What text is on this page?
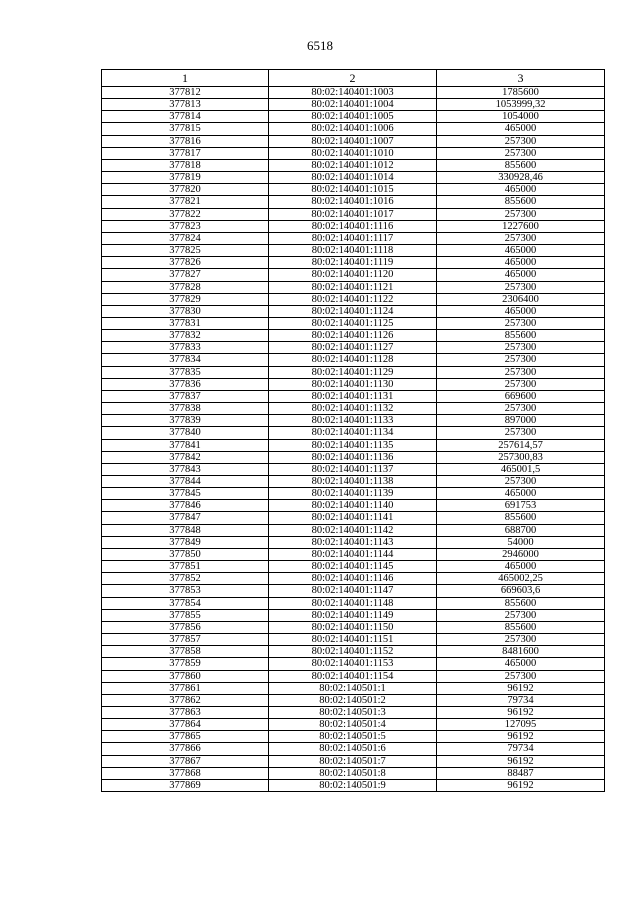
6518
1	2	3
377812	80:02:140401:1003	1785600
377813	80:02:140401:1004	1053999,32
377814	80:02:140401:1005	1054000
377815	80:02:140401:1006	465000
377816	80:02:140401:1007	257300
377817	80:02:140401:1010	257300
377818	80:02:140401:1012	855600
377819	80:02:140401:1014	330928,46
377820	80:02:140401:1015	465000
377821	80:02:140401:1016	855600
377822	80:02:140401:1017	257300
377823	80:02:140401:1116	1227600
377824	80:02:140401:1117	257300
377825	80:02:140401:1118	465000
377826	80:02:140401:1119	465000
377827	80:02:140401:1120	465000
377828	80:02:140401:1121	257300
377829	80:02:140401:1122	2306400
377830	80:02:140401:1124	465000
377831	80:02:140401:1125	257300
377832	80:02:140401:1126	855600
377833	80:02:140401:1127	257300
377834	80:02:140401:1128	257300
377835	80:02:140401:1129	257300
377836	80:02:140401:1130	257300
377837	80:02:140401:1131	669600
377838	80:02:140401:1132	257300
377839	80:02:140401:1133	897000
377840	80:02:140401:1134	257300
377841	80:02:140401:1135	257614,57
377842	80:02:140401:1136	257300,83
377843	80:02:140401:1137	465001,5
377844	80:02:140401:1138	257300
377845	80:02:140401:1139	465000
377846	80:02:140401:1140	691753
377847	80:02:140401:1141	855600
377848	80:02:140401:1142	688700
377849	80:02:140401:1143	54000
377850	80:02:140401:1144	2946000
377851	80:02:140401:1145	465000
377852	80:02:140401:1146	465002,25
377853	80:02:140401:1147	669603,6
377854	80:02:140401:1148	855600
377855	80:02:140401:1149	257300
377856	80:02:140401:1150	855600
377857	80:02:140401:1151	257300
377858	80:02:140401:1152	8481600
377859	80:02:140401:1153	465000
377860	80:02:140401:1154	257300
377861	80:02:140501:1	96192
377862	80:02:140501:2	79734
377863	80:02:140501:3	96192
377864	80:02:140501:4	127095
377865	80:02:140501:5	96192
377866	80:02:140501:6	79734
377867	80:02:140501:7	96192
377868	80:02:140501:8	88487
377869	80:02:140501:9	96192
